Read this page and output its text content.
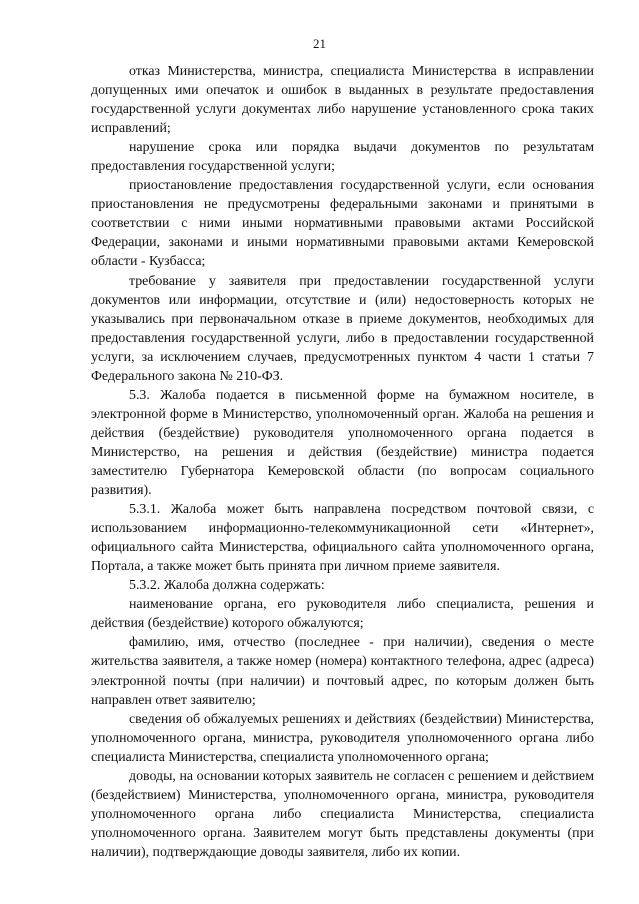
21

отказ Министерства, министра, специалиста Министерства в исправлении допущенных ими опечаток и ошибок в выданных в результате предоставления государственной услуги документах либо нарушение установленного срока таких исправлений;

нарушение срока или порядка выдачи документов по результатам предоставления государственной услуги;

приостановление предоставления государственной услуги, если основания приостановления не предусмотрены федеральными законами и принятыми в соответствии с ними иными нормативными правовыми актами Российской Федерации, законами и иными нормативными правовыми актами Кемеровской области - Кузбасса;

требование у заявителя при предоставлении государственной услуги документов или информации, отсутствие и (или) недостоверность которых не указывались при первоначальном отказе в приеме документов, необходимых для предоставления государственной услуги, либо в предоставлении государственной услуги, за исключением случаев, предусмотренных пунктом 4 части 1 статьи 7 Федерального закона № 210-ФЗ.

5.3. Жалоба подается в письменной форме на бумажном носителе, в электронной форме в Министерство, уполномоченный орган. Жалоба на решения и действия (бездействие) руководителя уполномоченного органа подается в Министерство, на решения и действия (бездействие) министра подается заместителю Губернатора Кемеровской области (по вопросам социального развития).

5.3.1. Жалоба может быть направлена посредством почтовой связи, с использованием информационно-телекоммуникационной сети «Интернет», официального сайта Министерства, официального сайта уполномоченного органа, Портала, а также может быть принята при личном приеме заявителя.

5.3.2. Жалоба должна содержать:

наименование органа, его руководителя либо специалиста, решения и действия (бездействие) которого обжалуются;

фамилию, имя, отчество (последнее - при наличии), сведения о месте жительства заявителя, а также номер (номера) контактного телефона, адрес (адреса) электронной почты (при наличии) и почтовый адрес, по которым должен быть направлен ответ заявителю;

сведения об обжалуемых решениях и действиях (бездействии) Министерства, уполномоченного органа, министра, руководителя уполномоченного органа либо специалиста Министерства, специалиста уполномоченного органа;

доводы, на основании которых заявитель не согласен с решением и действием (бездействием) Министерства, уполномоченного органа, министра, руководителя уполномоченного органа либо специалиста Министерства, специалиста уполномоченного органа. Заявителем могут быть представлены документы (при наличии), подтверждающие доводы заявителя, либо их копии.
